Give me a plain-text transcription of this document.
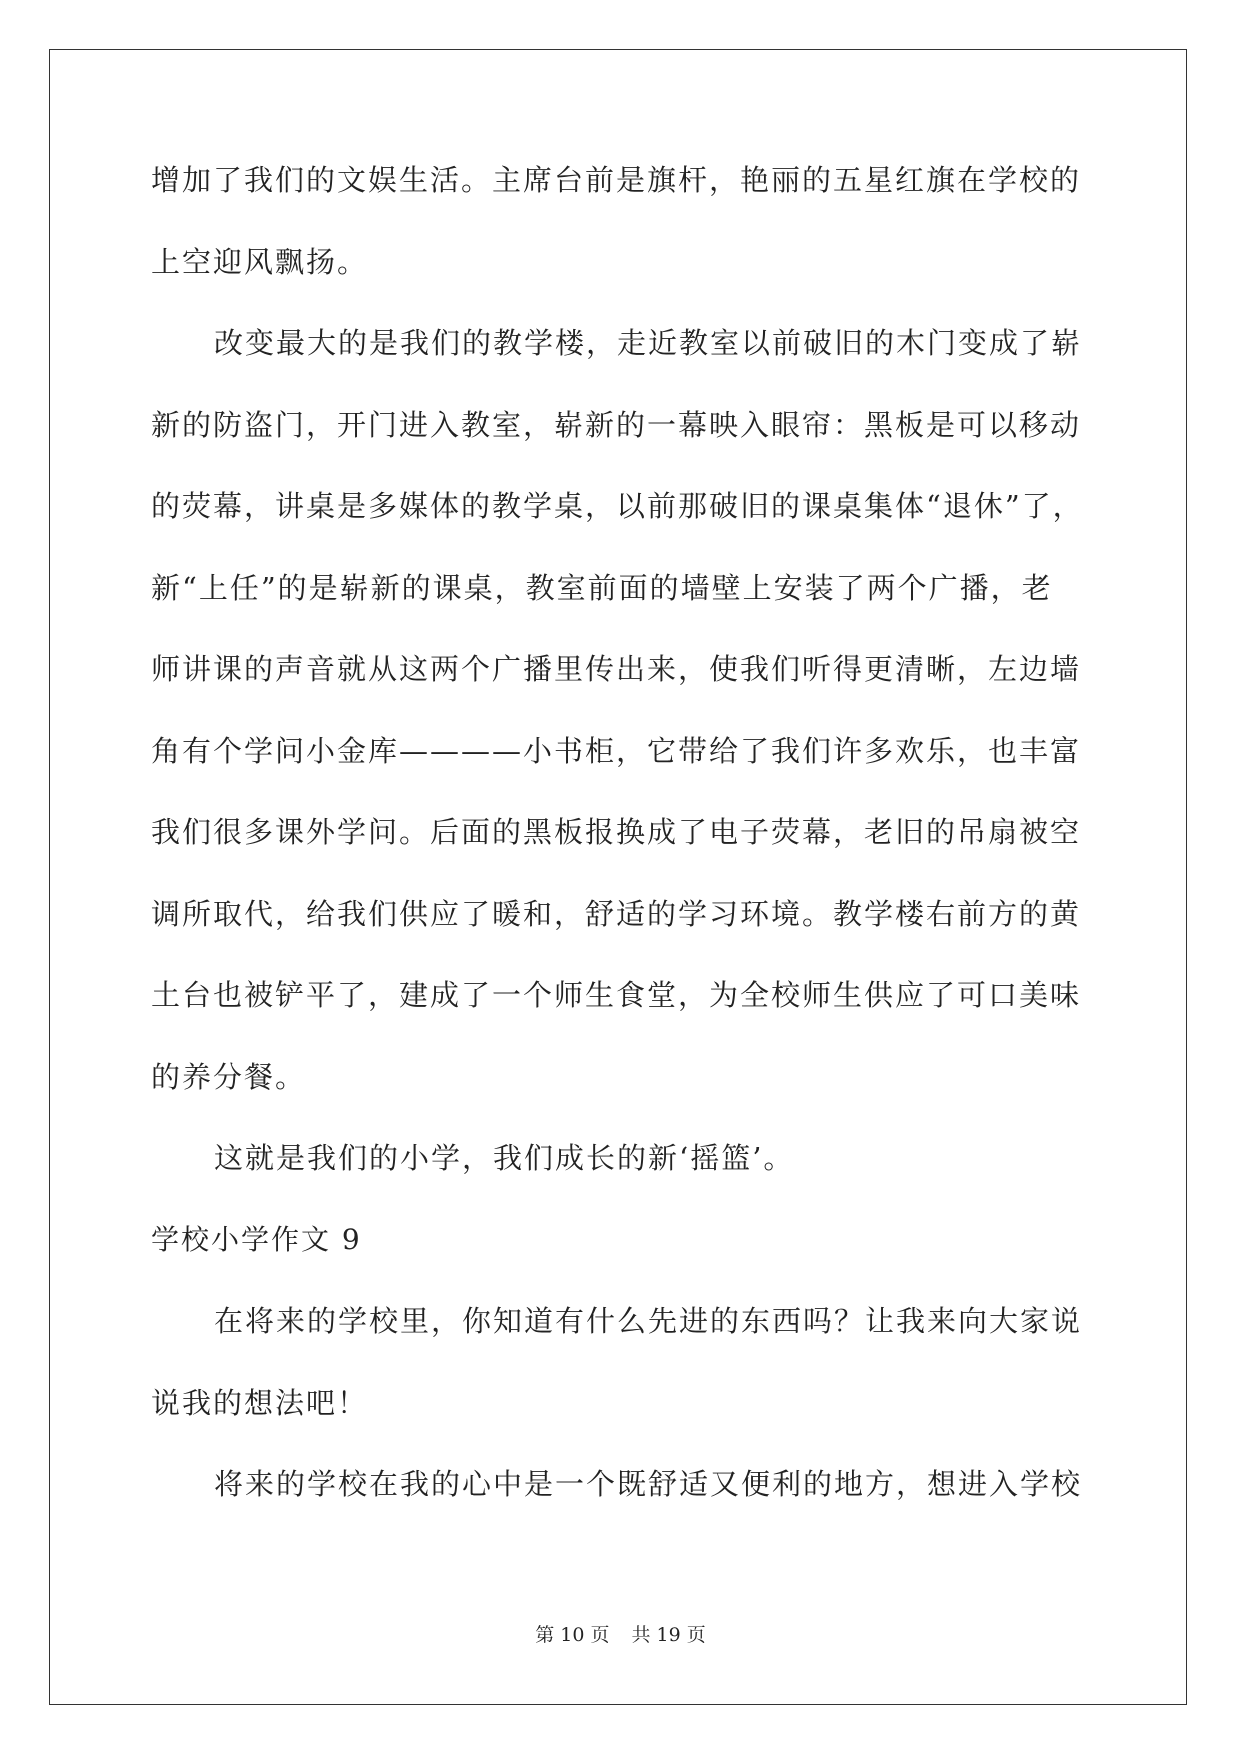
增加了我们的文娱生活。主席台前是旗杆，艳丽的五星红旗在学校的
上空迎风飘扬。
改变最大的是我们的教学楼，走近教室以前破旧的木门变成了崭
新的防盗门，开门进入教室，崭新的一幕映入眼帘：黑板是可以移动
的荧幕，讲桌是多媒体的教学桌，以前那破旧的课桌集体“退休”了，
新“上任”的是崭新的课桌，教室前面的墙壁上安装了两个广播，老
师讲课的声音就从这两个广播里传出来，使我们听得更清晰，左边墙
角有个学问小金库————小书柜，它带给了我们许多欢乐，也丰富
我们很多课外学问。后面的黑板报换成了电子荧幕，老旧的吊扇被空
调所取代，给我们供应了暖和，舒适的学习环境。教学楼右前方的黄
土台也被铲平了，建成了一个师生食堂，为全校师生供应了可口美味
的养分餐。
这就是我们的小学，我们成长的新‘摇篮’。
学校小学作文 9
在将来的学校里，你知道有什么先进的东西吗？让我来向大家说
说我的想法吧！
将来的学校在我的心中是一个既舒适又便利的地方，想进入学校
第 10 页 共 19 页
